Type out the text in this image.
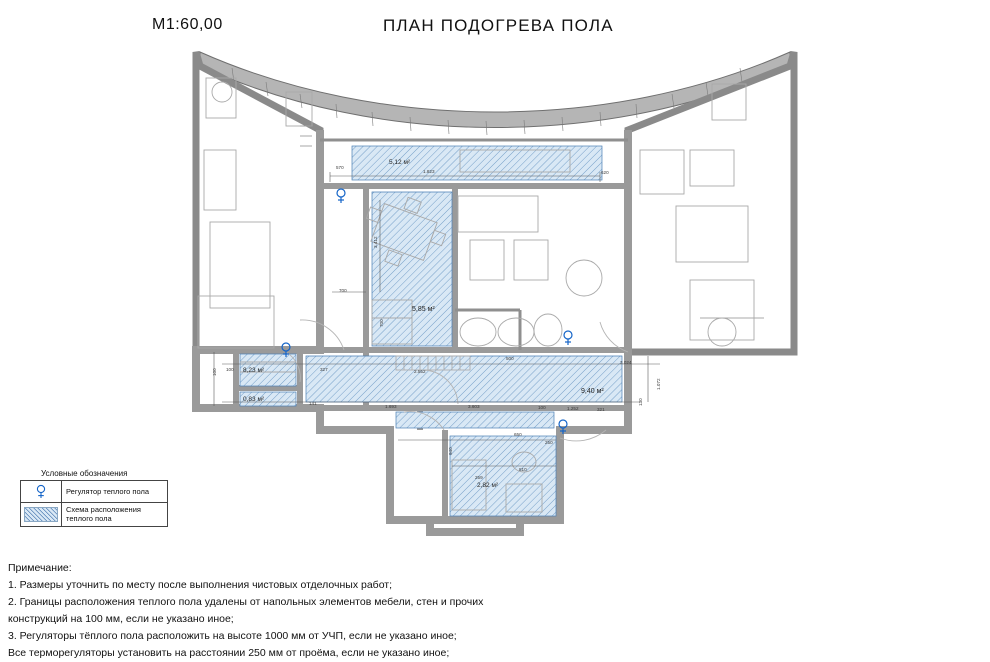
M1:60,00	ПЛАН ПОДОГРЕВА ПОЛА
5,12 м²
5,85 м²
0,83 м²
8,23 м²
9,40 м²
2,82 м²
570
1.823	620
700
700
3.412
100	327	2.552
500
3.024
1.072
141
1.693	3.603	100	1.252	321
650
250
940
259
810
100
130
Условные обозначения
Регулятор теплого пола
Схема расположения
теплого пола
Примечание:
1. Размеры уточнить по месту после выполнения чистовых отделочных работ;
2. Границы расположения теплого пола удалены от напольных элементов мебели, стен и прочих
конструкций на 100 мм, если не указано иное;
3. Регуляторы тёплого пола расположить на высоте 1000 мм от УЧП, если не указано иное;
Все терморегуляторы установить на расстоянии 250 мм от проёма, если не указано иное;
